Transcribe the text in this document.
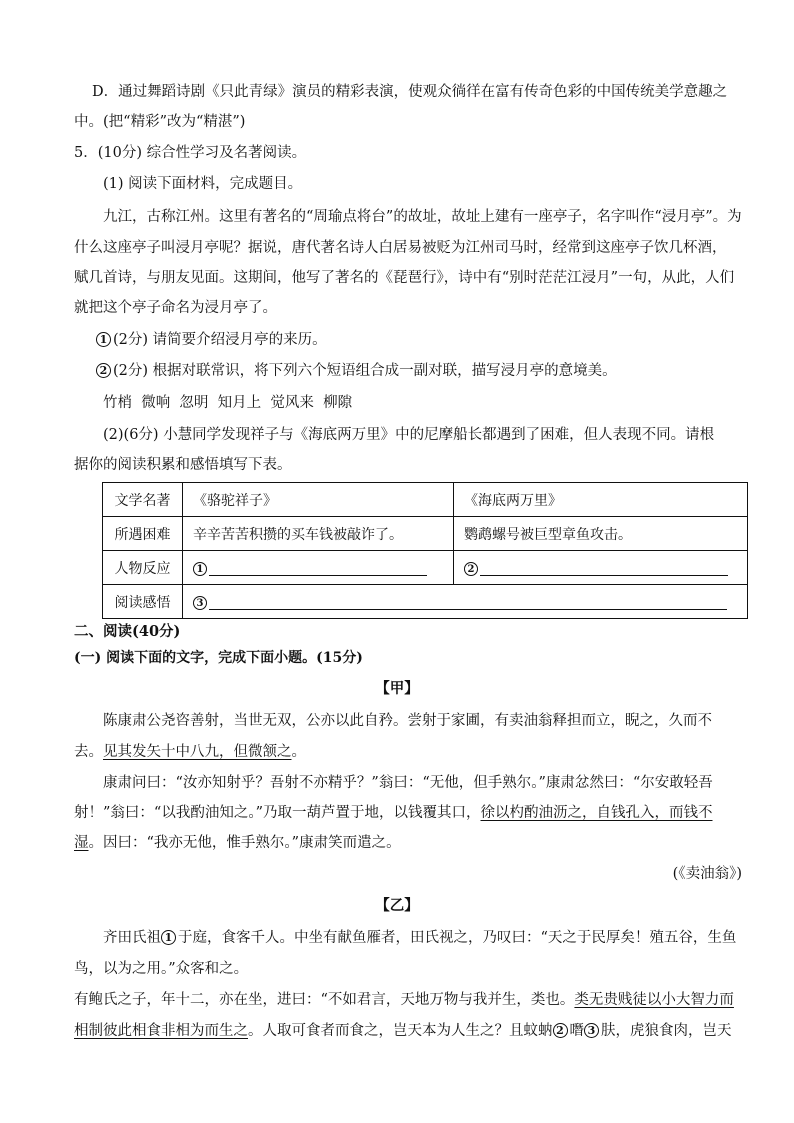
D．通过舞蹈诗剧《只此青绿》演员的精彩表演，使观众徜徉在富有传奇色彩的中国传统美学意趣之
中。(把“精彩”改为“精湛”)
5．(10分) 综合性学习及名著阅读。
(1) 阅读下面材料，完成题目。
九江，古称江州。这里有著名的“周瑜点将台”的故址，故址上建有一座亭子，名字叫作“浸月亭”。为
什么这座亭子叫浸月亭呢？据说，唐代著名诗人白居易被贬为江州司马时，经常到这座亭子饮几杯酒，
赋几首诗，与朋友见面。这期间，他写了著名的《琵琶行》，诗中有“别时茫茫江浸月”一句，从此，人们
就把这个亭子命名为浸月亭了。
1 (2分) 请简要介绍浸月亭的来历。
2 (2分) 根据对联常识，将下列六个短语组合成一副对联，描写浸月亭的意境美。
竹梢  微响  忽明  知月上  觉风来  柳隙
(2)(6分) 小慧同学发现祥子与《海底两万里》中的尼摩船长都遇到了困难，但人表现不同。请根
据你的阅读积累和感悟填写下表。
文学名著	《骆驼祥子》	《海底两万里》
所遇困难	辛辛苦苦积攒的买车钱被敲诈了。	鹦鹉螺号被巨型章鱼攻击。
人物反应	1	2
阅读感悟	3	
二、阅读(40分)
(一) 阅读下面的文字，完成下面小题。(15分)
【甲】
陈康肃公尧咨善射，当世无双，公亦以此自矜。尝射于家圃，有卖油翁释担而立，睨之，久而不
去。见其发矢十中八九，但微颔之。
康肃问曰：“汝亦知射乎？吾射不亦精乎？”翁曰：“无他，但手熟尔。”康肃忿然曰：“尔安敢轻吾
射！”翁曰：“以我酌油知之。”乃取一葫芦置于地，以钱覆其口，徐以杓酌油沥之，自钱孔入，而钱不
湿。因曰：“我亦无他，惟手熟尔。”康肃笑而遣之。
(《卖油翁》)
【乙】
齐田氏祖 1 于庭，食客千人。中坐有献鱼雁者，田氏视之，乃叹曰：“天之于民厚矣！殖五谷，生鱼
鸟，以为之用。”众客和之。
有鲍氏之子，年十二，亦在坐，进曰：“不如君言，天地万物与我并生，类也。类无贵贱徒以小大智力而
相制彼此相食非相为而生之。人取可食者而食之，岂天本为人生之？且蚊蚋 2 噆 3 肤，虎狼食肉，岂天
